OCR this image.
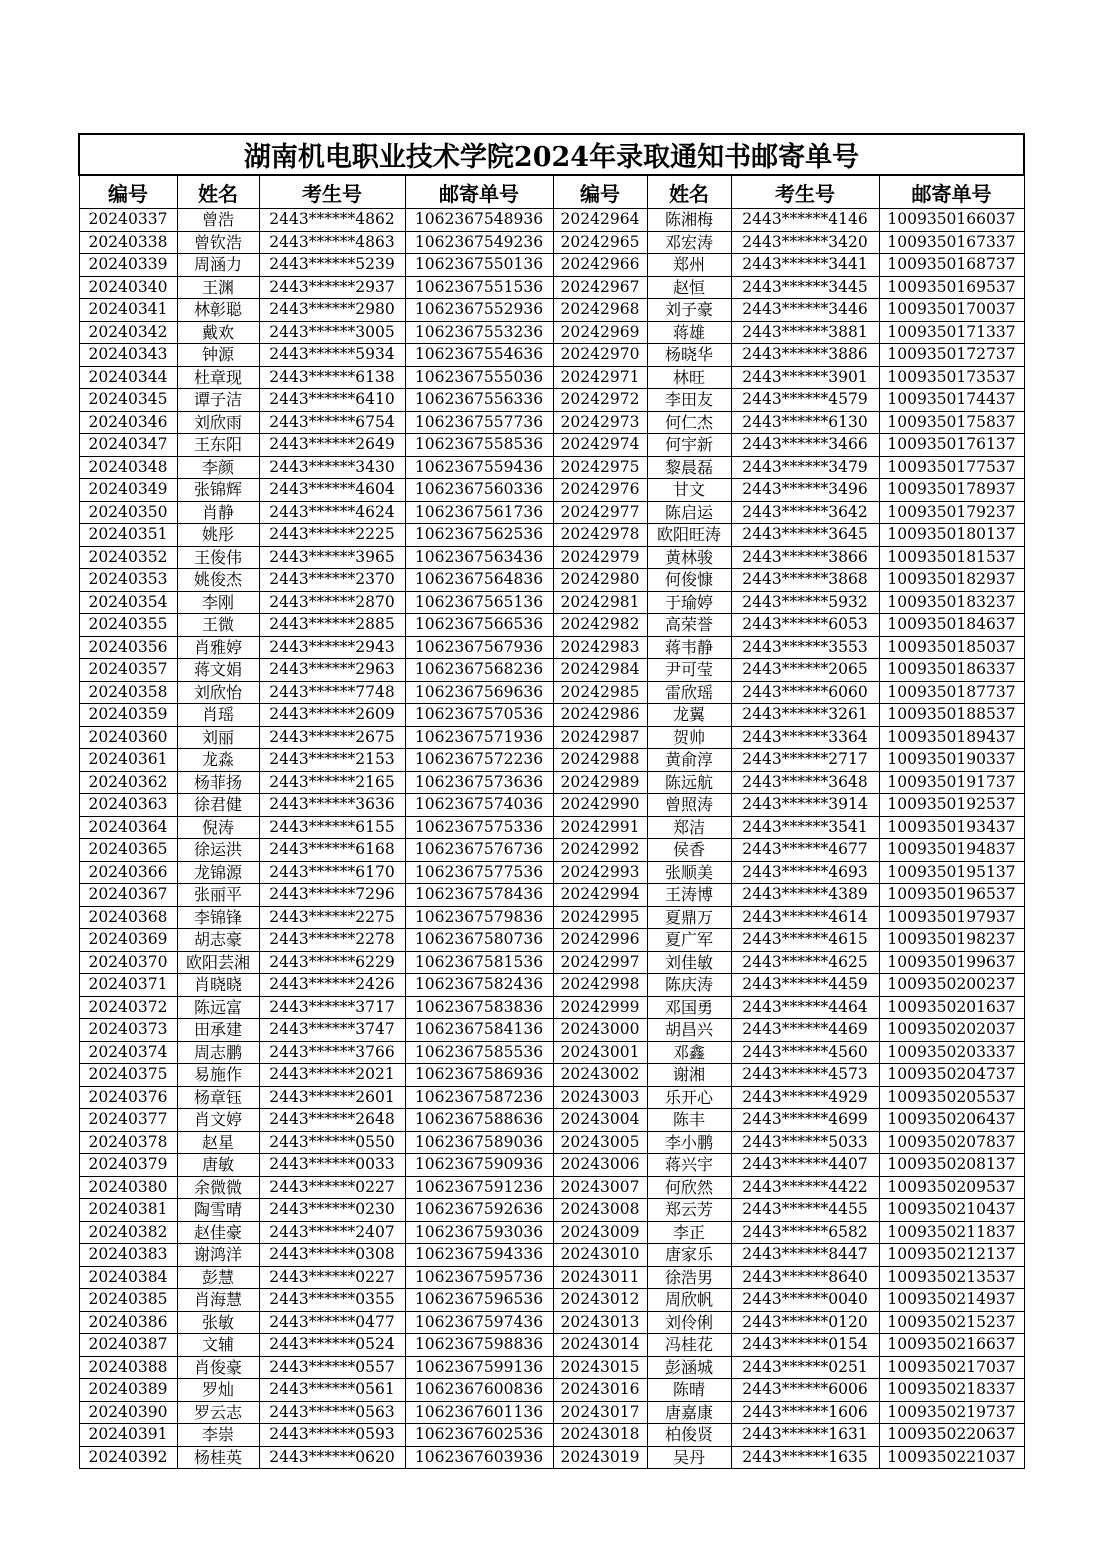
湖南机电职业技术学院2024年录取通知书邮寄单号							
编号	姓名	考生号	邮寄单号	编号	姓名	考生号	邮寄单号
20240337	曾浩	2443******4862	1062367548936	20242964	陈湘梅	2443******4146	1009350166037
20240338	曾钦浩	2443******4863	1062367549236	20242965	邓宏涛	2443******3420	1009350167337
20240339	周涵力	2443******5239	1062367550136	20242966	郑州	2443******3441	1009350168737
20240340	王渊	2443******2937	1062367551536	20242967	赵恒	2443******3445	1009350169537
20240341	林彰聪	2443******2980	1062367552936	20242968	刘子豪	2443******3446	1009350170037
20240342	戴欢	2443******3005	1062367553236	20242969	蒋雄	2443******3881	1009350171337
20240343	钟源	2443******5934	1062367554636	20242970	杨晓华	2443******3886	1009350172737
20240344	杜章现	2443******6138	1062367555036	20242971	林旺	2443******3901	1009350173537
20240345	谭子洁	2443******6410	1062367556336	20242972	李田友	2443******4579	1009350174437
20240346	刘欣雨	2443******6754	1062367557736	20242973	何仁杰	2443******6130	1009350175837
20240347	王东阳	2443******2649	1062367558536	20242974	何宇新	2443******3466	1009350176137
20240348	李颜	2443******3430	1062367559436	20242975	黎晨磊	2443******3479	1009350177537
20240349	张锦辉	2443******4604	1062367560336	20242976	甘文	2443******3496	1009350178937
20240350	肖静	2443******4624	1062367561736	20242977	陈启运	2443******3642	1009350179237
20240351	姚彤	2443******2225	1062367562536	20242978	欧阳旺涛	2443******3645	1009350180137
20240352	王俊伟	2443******3965	1062367563436	20242979	黄林骏	2443******3866	1009350181537
20240353	姚俊杰	2443******2370	1062367564836	20242980	何俊慷	2443******3868	1009350182937
20240354	李刚	2443******2870	1062367565136	20242981	于瑜婷	2443******5932	1009350183237
20240355	王微	2443******2885	1062367566536	20242982	高荣誉	2443******6053	1009350184637
20240356	肖雅婷	2443******2943	1062367567936	20242983	蒋韦静	2443******3553	1009350185037
20240357	蒋文娟	2443******2963	1062367568236	20242984	尹可莹	2443******2065	1009350186337
20240358	刘欣怡	2443******7748	1062367569636	20242985	雷欣瑶	2443******6060	1009350187737
20240359	肖瑶	2443******2609	1062367570536	20242986	龙翼	2443******3261	1009350188537
20240360	刘丽	2443******2675	1062367571936	20242987	贺帅	2443******3364	1009350189437
20240361	龙淼	2443******2153	1062367572236	20242988	黄俞淳	2443******2717	1009350190337
20240362	杨菲扬	2443******2165	1062367573636	20242989	陈远航	2443******3648	1009350191737
20240363	徐君健	2443******3636	1062367574036	20242990	曾照涛	2443******3914	1009350192537
20240364	倪涛	2443******6155	1062367575336	20242991	郑洁	2443******3541	1009350193437
20240365	徐运洪	2443******6168	1062367576736	20242992	侯香	2443******4677	1009350194837
20240366	龙锦源	2443******6170	1062367577536	20242993	张顺美	2443******4693	1009350195137
20240367	张丽平	2443******7296	1062367578436	20242994	王涛博	2443******4389	1009350196537
20240368	李锦锋	2443******2275	1062367579836	20242995	夏鼎万	2443******4614	1009350197937
20240369	胡志豪	2443******2278	1062367580736	20242996	夏广军	2443******4615	1009350198237
20240370	欧阳芸湘	2443******6229	1062367581536	20242997	刘佳敏	2443******4625	1009350199637
20240371	肖晓晓	2443******2426	1062367582436	20242998	陈庆涛	2443******4459	1009350200237
20240372	陈远富	2443******3717	1062367583836	20242999	邓国勇	2443******4464	1009350201637
20240373	田承建	2443******3747	1062367584136	20243000	胡昌兴	2443******4469	1009350202037
20240374	周志鹏	2443******3766	1062367585536	20243001	邓鑫	2443******4560	1009350203337
20240375	易施作	2443******2021	1062367586936	20243002	谢湘	2443******4573	1009350204737
20240376	杨章钰	2443******2601	1062367587236	20243003	乐开心	2443******4929	1009350205537
20240377	肖文婷	2443******2648	1062367588636	20243004	陈丰	2443******4699	1009350206437
20240378	赵星	2443******0550	1062367589036	20243005	李小鹏	2443******5033	1009350207837
20240379	唐敏	2443******0033	1062367590936	20243006	蒋兴宇	2443******4407	1009350208137
20240380	余微微	2443******0227	1062367591236	20243007	何欣然	2443******4422	1009350209537
20240381	陶雪晴	2443******0230	1062367592636	20243008	郑云芳	2443******4455	1009350210437
20240382	赵佳豪	2443******2407	1062367593036	20243009	李正	2443******6582	1009350211837
20240383	谢鸿洋	2443******0308	1062367594336	20243010	唐家乐	2443******8447	1009350212137
20240384	彭慧	2443******0227	1062367595736	20243011	徐浩男	2443******8640	1009350213537
20240385	肖海慧	2443******0355	1062367596536	20243012	周欣帆	2443******0040	1009350214937
20240386	张敏	2443******0477	1062367597436	20243013	刘伶俐	2443******0120	1009350215237
20240387	文辅	2443******0524	1062367598836	20243014	冯桂花	2443******0154	1009350216637
20240388	肖俊豪	2443******0557	1062367599136	20243015	彭涵城	2443******0251	1009350217037
20240389	罗灿	2443******0561	1062367600836	20243016	陈晴	2443******6006	1009350218337
20240390	罗云志	2443******0563	1062367601136	20243017	唐嘉康	2443******1606	1009350219737
20240391	李崇	2443******0593	1062367602536	20243018	柏俊贤	2443******1631	1009350220637
20240392	杨桂英	2443******0620	1062367603936	20243019	吴丹	2443******1635	1009350221037
